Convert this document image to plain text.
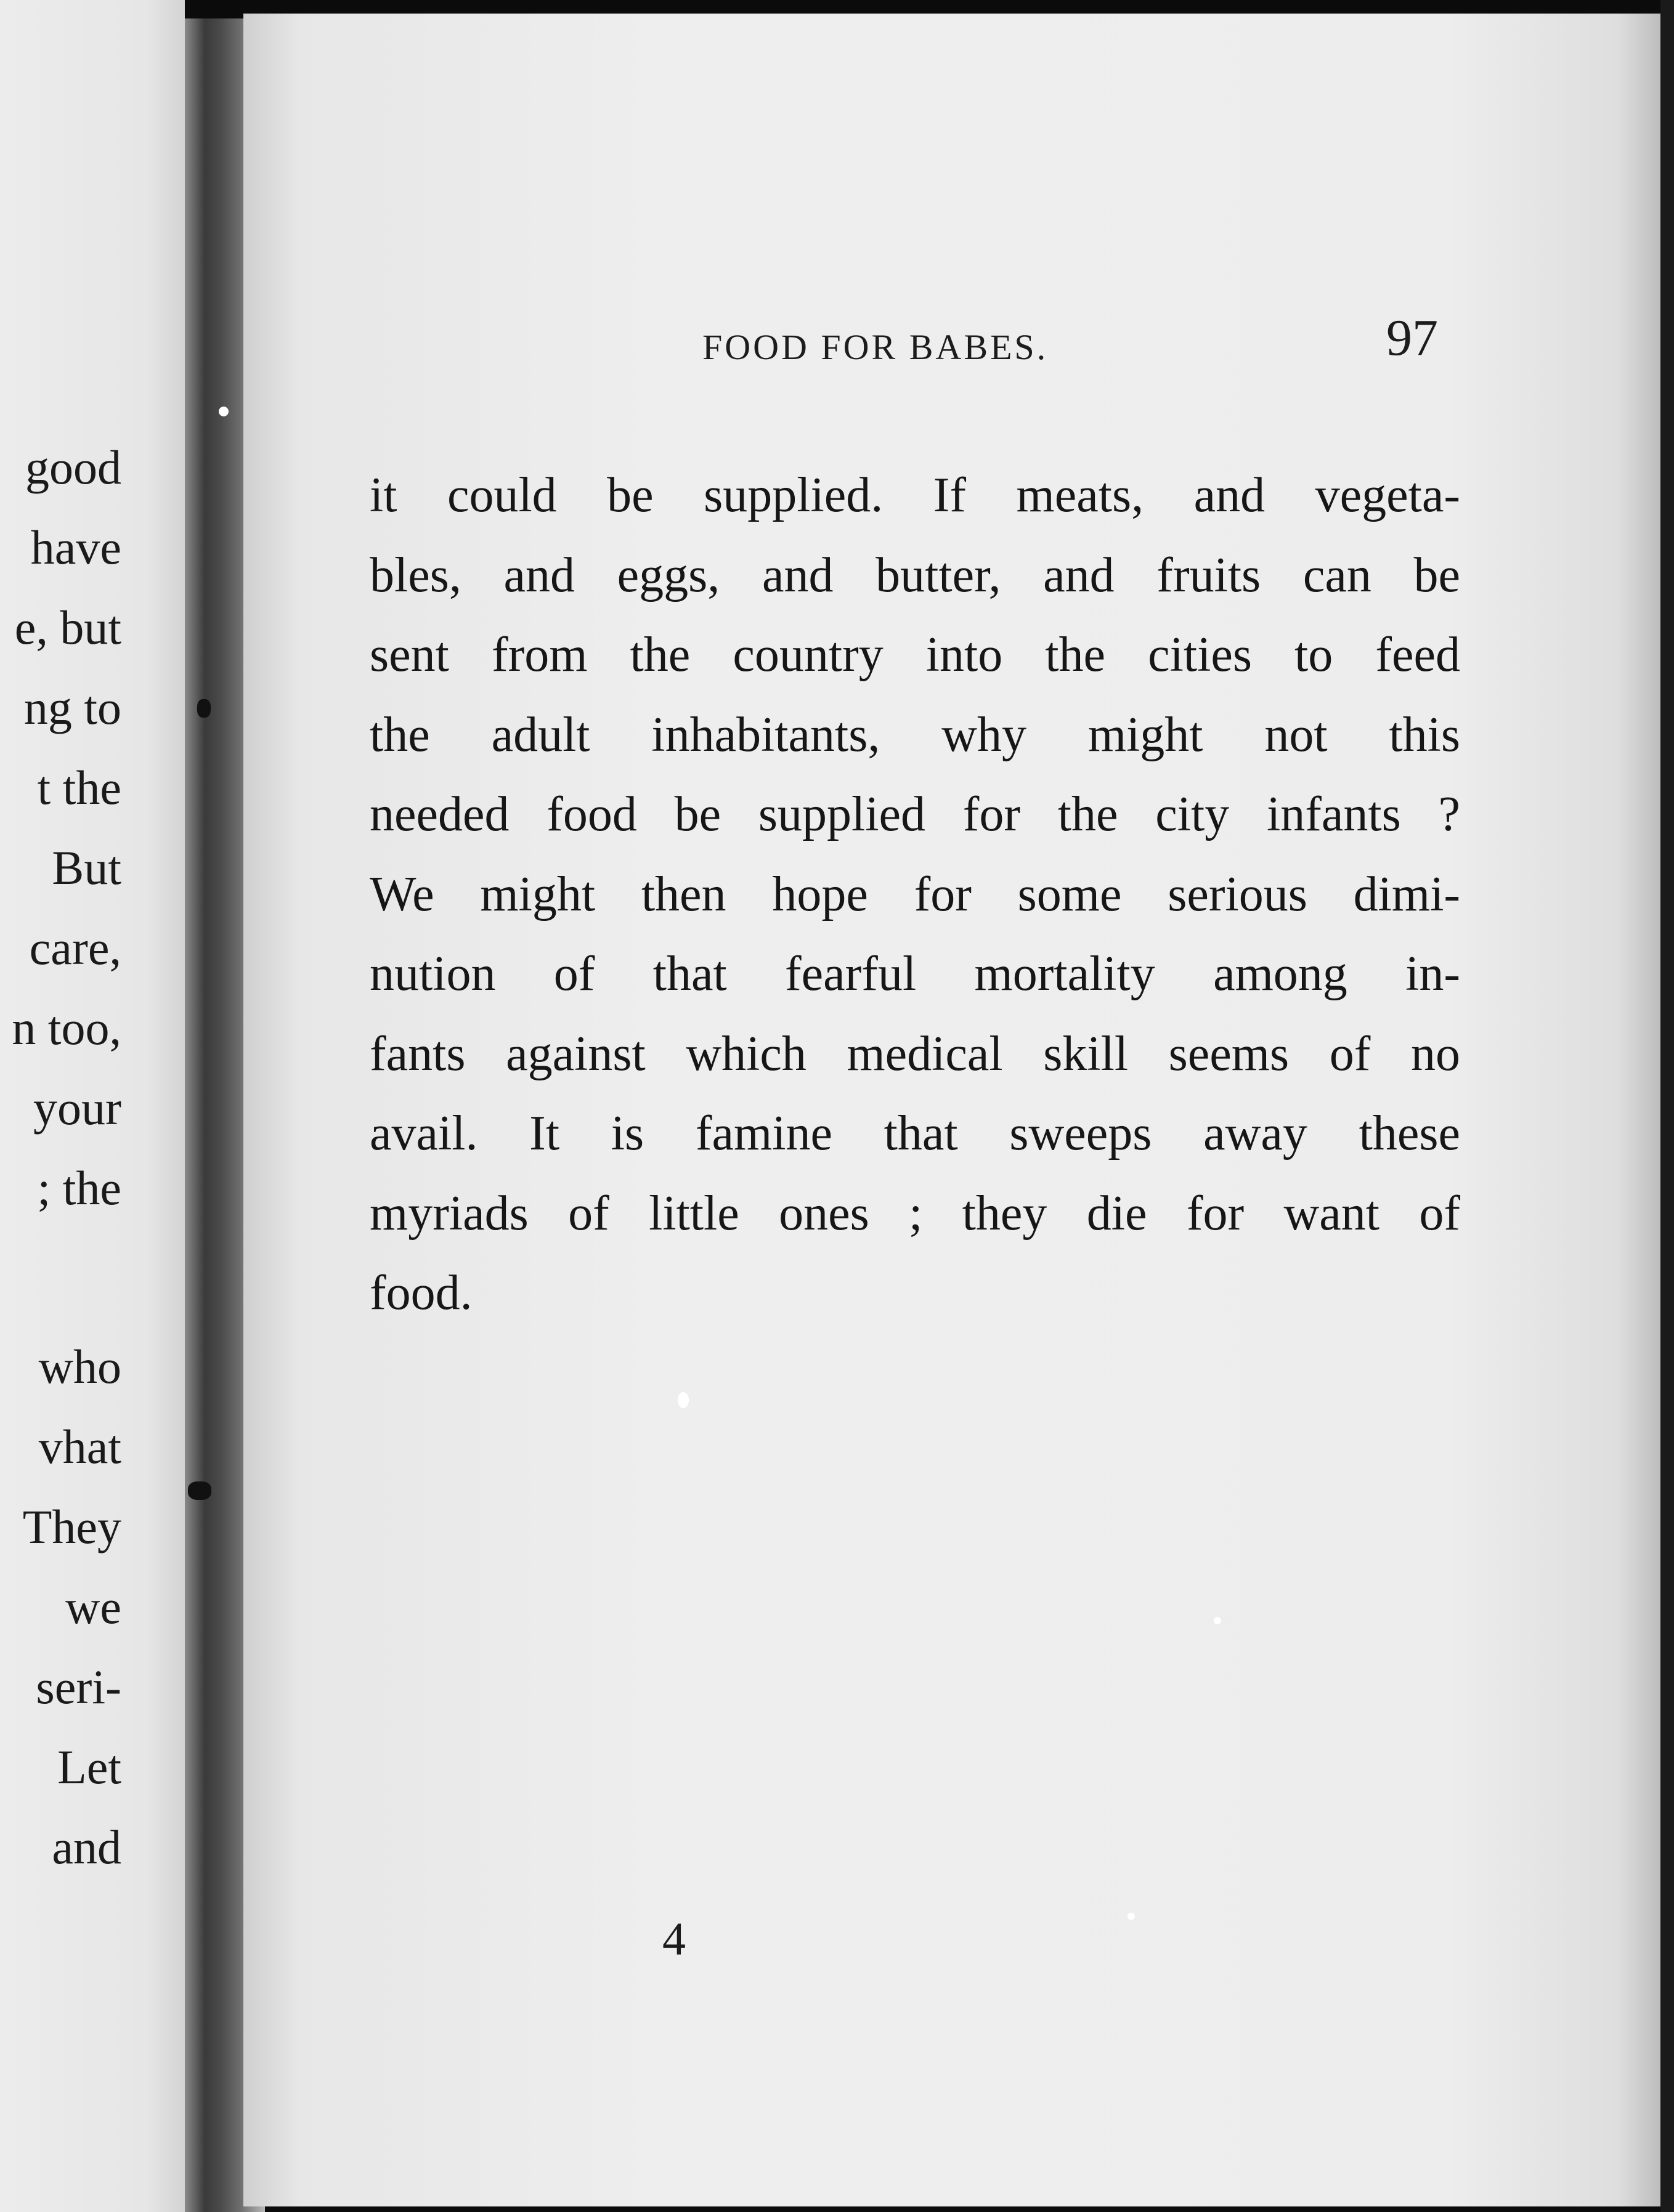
good
have
e, but
ng to
t the
But
care,
n too,
your
; the
who
vhat
They
we
seri-
Let
and
FOOD FOR BABES.	97
it could be supplied. If meats, and vegeta-
bles, and eggs, and butter, and fruits can be
sent from the country into the cities to feed
the adult inhabitants, why might not this
needed food be supplied for the city infants ?
We might then hope for some serious dimi-
nution of that fearful mortality among in-
fants against which medical skill seems of no
avail. It is famine that sweeps away these
myriads of little ones ; they die for want of
food.
4
